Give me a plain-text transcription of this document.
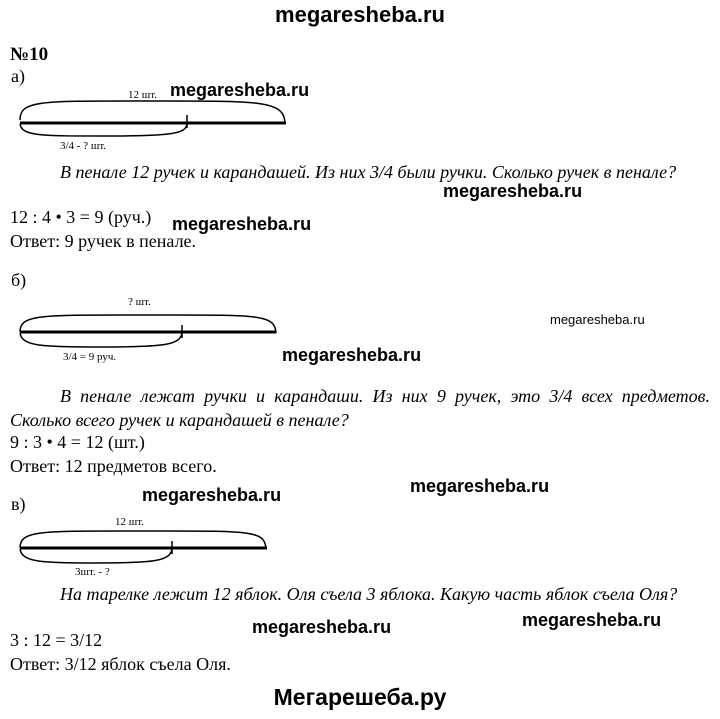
megaresheba.ru
№10
а)
12 шт.
3/4 - ? шт.
megaresheba.ru
В пенале 12 ручек и карандашей. Из них 3/4 были ручки. Сколько ручек в пенале?
megaresheba.ru
12 : 4 • 3 = 9 (руч.) megaresheba.ru
Ответ: 9 ручек в пенале.
б)
? шт.
megaresheba.ru
3/4 = 9 руч.	megaresheba.ru
В пенале лежат ручки и карандаши. Из них 9 ручек, это 3/4 всех предметов. Сколько всего ручек и карандашей в пенале?
9 : 3 • 4 = 12 (шт.)
Ответ: 12 предметов всего.
megaresheba.ru	megaresheba.ru
в)
12 шт.
3шт. - ?
На тарелке лежит 12 яблок. Оля съела 3 яблока. Какую часть яблок съела Оля?
megaresheba.ru
3 : 12 = 3/12
megaresheba.ru
Ответ: 3/12 яблок съела Оля.
Мегарешеба.ру
